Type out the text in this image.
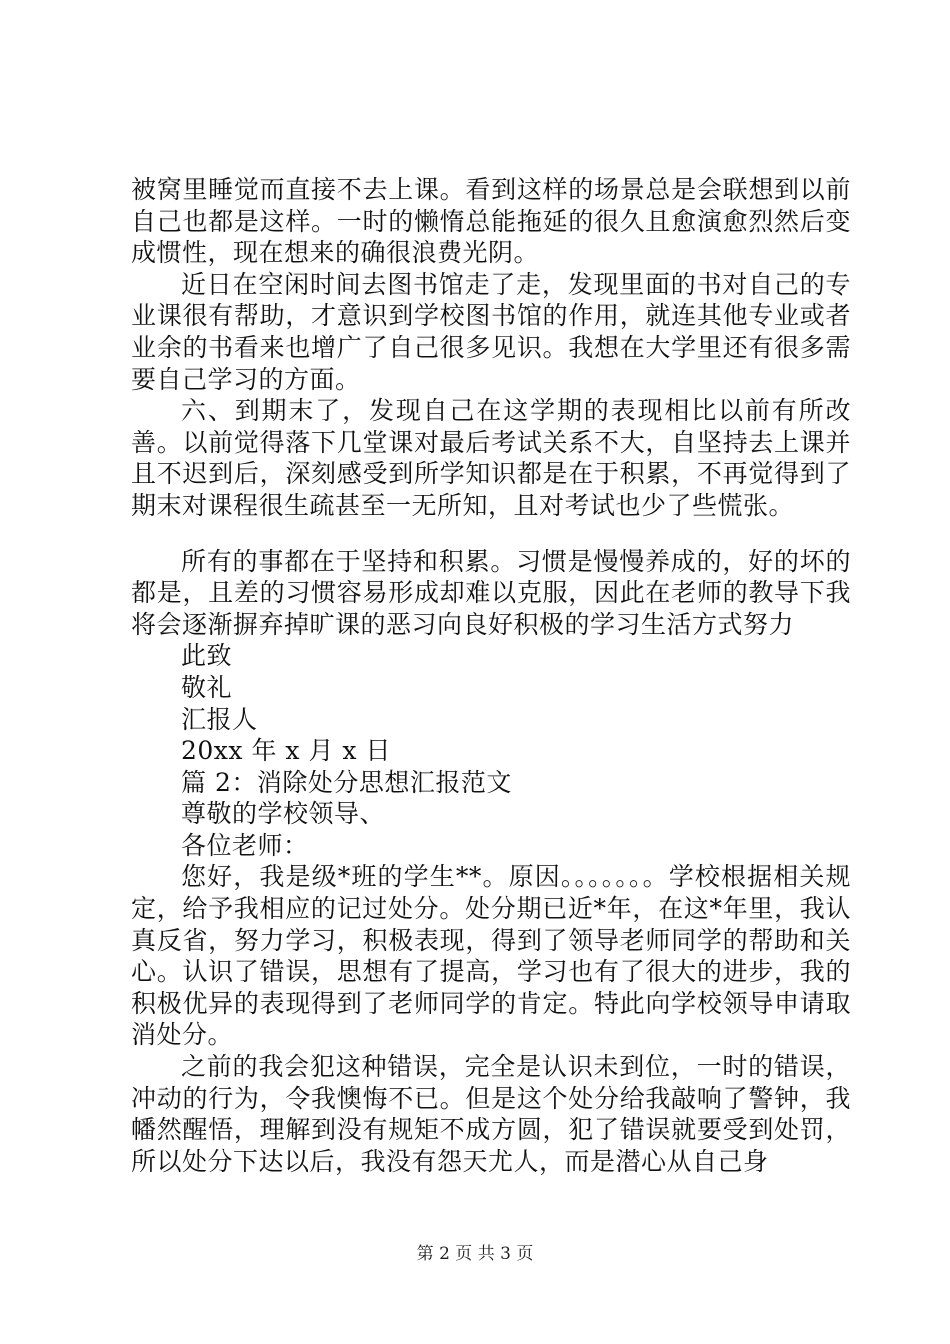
被窝里睡觉而直接不去上课。看到这样的场景总是会联想到以前自己也都是这样。一时的懒惰总能拖延的很久且愈演愈烈然后变成惯性，现在想来的确很浪费光阴。

近日在空闲时间去图书馆走了走，发现里面的书对自己的专业课很有帮助，才意识到学校图书馆的作用，就连其他专业或者业余的书看来也增广了自己很多见识。我想在大学里还有很多需要自己学习的方面。

六、到期末了，发现自己在这学期的表现相比以前有所改善。以前觉得落下几堂课对最后考试关系不大，自坚持去上课并且不迟到后，深刻感受到所学知识都是在于积累，不再觉得到了期末对课程很生疏甚至一无所知，且对考试也少了些慌张。

所有的事都在于坚持和积累。习惯是慢慢养成的，好的坏的都是，且差的习惯容易形成却难以克服，因此在老师的教导下我将会逐渐摒弃掉旷课的恶习向良好积极的学习生活方式努力

此致

敬礼

汇报人

20xx 年 x 月 x 日

篇 2：消除处分思想汇报范文

尊敬的学校领导、

各位老师：

您好，我是级*班的学生**。原因。。。。。。。学校根据相关规定，给予我相应的记过处分。处分期已近*年，在这*年里，我认真反省，努力学习，积极表现，得到了领导老师同学的帮助和关心。认识了错误，思想有了提高，学习也有了很大的进步，我的积极优异的表现得到了老师同学的肯定。特此向学校领导申请取消处分。

之前的我会犯这种错误，完全是认识未到位，一时的错误，冲动的行为，令我懊悔不已。但是这个处分给我敲响了警钟，我幡然醒悟，理解到没有规矩不成方圆，犯了错误就要受到处罚，所以处分下达以后，我没有怨天尤人，而是潜心从自己身

第 2 页 共 3 页
